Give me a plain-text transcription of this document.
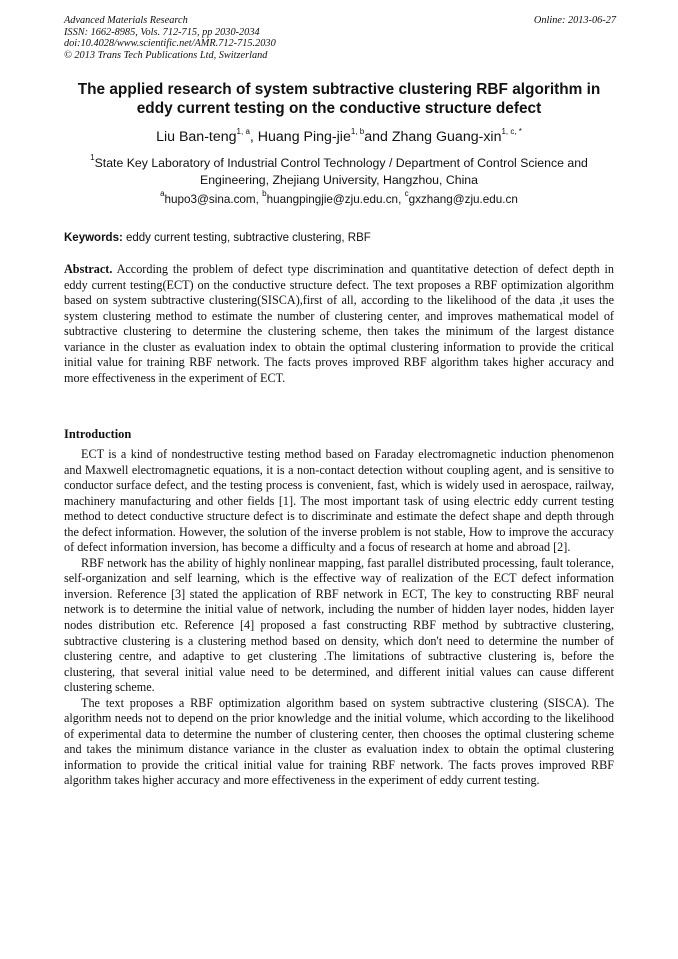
Advanced Materials Research
ISSN: 1662-8985, Vols. 712-715, pp 2030-2034
doi:10.4028/www.scientific.net/AMR.712-715.2030
© 2013 Trans Tech Publications Ltd, Switzerland
Online: 2013-06-27
The applied research of system subtractive clustering RBF algorithm in eddy current testing on the conductive structure defect
Liu Ban-teng$^{1, a}$, Huang Ping-jie$^{1, b}$and Zhang Guang-xin$^{1, c, *}$
$^1$State Key Laboratory of Industrial Control Technology / Department of Control Science and Engineering, Zhejiang University, Hangzhou, China
$^a$hupo3@sina.com, $^b$huangpingjie@zju.edu.cn, $^c$gxzhang@zju.edu.cn
Keywords: eddy current testing, subtractive clustering, RBF
Abstract. According the problem of defect type discrimination and quantitative detection of defect depth in eddy current testing(ECT) on the conductive structure defect. The text proposes a RBF optimization algorithm based on system subtractive clustering(SISCA),first of all, according to the likelihood of the data ,it uses the system clustering method to estimate the number of clustering center, and improves mathematical model of subtractive clustering to determine the clustering scheme, then takes the minimum of the largest distance variance in the cluster as evaluation index to obtain the optimal clustering information to provide the critical initial value for training RBF network. The facts proves improved RBF algorithm takes higher accuracy and more effectiveness in the experiment of ECT.
Introduction

ECT is a kind of nondestructive testing method based on Faraday electromagnetic induction phenomenon and Maxwell electromagnetic equations, it is a non-contact detection without coupling agent, and is sensitive to conductor surface defect, and the testing process is convenient, fast, which is widely used in aerospace, railway, machinery manufacturing and other fields [1]. The most important task of using electric eddy current testing method to detect conductive structure defect is to discriminate and estimate the defect shape and depth through the defect information. However, the solution of the inverse problem is not stable, How to improve the accuracy of defect information inversion, has become a difficulty and a focus of research at home and abroad [2].

RBF network has the ability of highly nonlinear mapping, fast parallel distributed processing, fault tolerance, self-organization and self learning, which is the effective way of realization of the ECT defect information inversion. Reference [3] stated the application of RBF network in ECT, The key to constructing RBF neural network is to determine the initial value of network, including the number of hidden layer nodes, hidden layer nodes distribution etc. Reference [4] proposed a fast constructing RBF method by subtractive clustering, subtractive clustering is a clustering method based on density, which don't need to determine the number of clustering centre, and adaptive to get clustering .The limitations of subtractive clustering is, before the clustering, that several initial value need to be determined, and different initial values can cause different clustering scheme.

The text proposes a RBF optimization algorithm based on system subtractive clustering (SISCA). The algorithm needs not to depend on the prior knowledge and the initial volume, which according to the likelihood of experimental data to determine the number of clustering center, then chooses the optimal clustering scheme and takes the minimum distance variance in the cluster as evaluation index to obtain the optimal clustering information to provide the critical initial value for training RBF network. The facts proves improved RBF algorithm takes higher accuracy and more effectiveness in the experiment of eddy current testing.
